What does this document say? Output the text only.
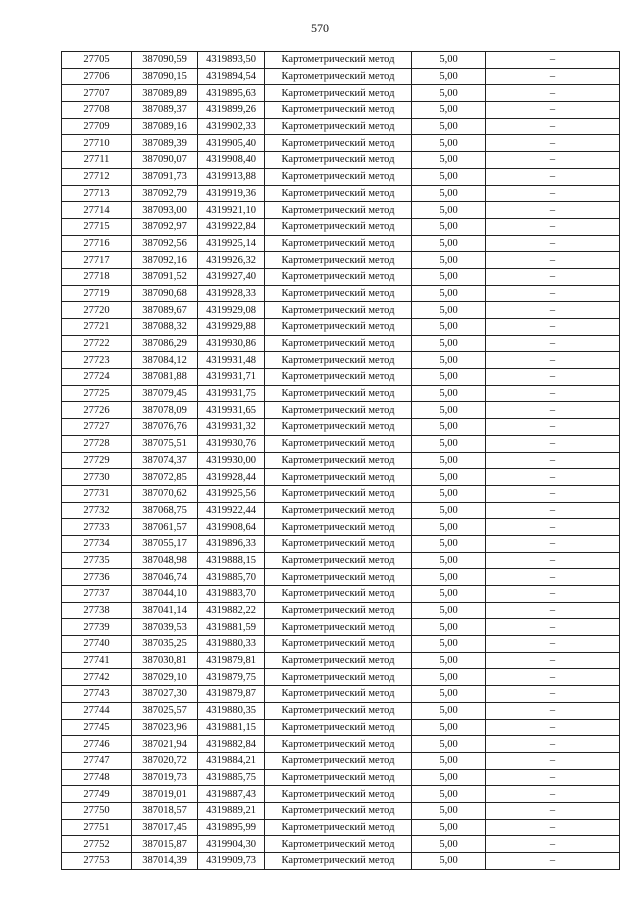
570
27705	387090,59	4319893,50	Картометрический метод	5,00	–
27706	387090,15	4319894,54	Картометрический метод	5,00	–
27707	387089,89	4319895,63	Картометрический метод	5,00	–
27708	387089,37	4319899,26	Картометрический метод	5,00	–
27709	387089,16	4319902,33	Картометрический метод	5,00	–
27710	387089,39	4319905,40	Картометрический метод	5,00	–
27711	387090,07	4319908,40	Картометрический метод	5,00	–
27712	387091,73	4319913,88	Картометрический метод	5,00	–
27713	387092,79	4319919,36	Картометрический метод	5,00	–
27714	387093,00	4319921,10	Картометрический метод	5,00	–
27715	387092,97	4319922,84	Картометрический метод	5,00	–
27716	387092,56	4319925,14	Картометрический метод	5,00	–
27717	387092,16	4319926,32	Картометрический метод	5,00	–
27718	387091,52	4319927,40	Картометрический метод	5,00	–
27719	387090,68	4319928,33	Картометрический метод	5,00	–
27720	387089,67	4319929,08	Картометрический метод	5,00	–
27721	387088,32	4319929,88	Картометрический метод	5,00	–
27722	387086,29	4319930,86	Картометрический метод	5,00	–
27723	387084,12	4319931,48	Картометрический метод	5,00	–
27724	387081,88	4319931,71	Картометрический метод	5,00	–
27725	387079,45	4319931,75	Картометрический метод	5,00	–
27726	387078,09	4319931,65	Картометрический метод	5,00	–
27727	387076,76	4319931,32	Картометрический метод	5,00	–
27728	387075,51	4319930,76	Картометрический метод	5,00	–
27729	387074,37	4319930,00	Картометрический метод	5,00	–
27730	387072,85	4319928,44	Картометрический метод	5,00	–
27731	387070,62	4319925,56	Картометрический метод	5,00	–
27732	387068,75	4319922,44	Картометрический метод	5,00	–
27733	387061,57	4319908,64	Картометрический метод	5,00	–
27734	387055,17	4319896,33	Картометрический метод	5,00	–
27735	387048,98	4319888,15	Картометрический метод	5,00	–
27736	387046,74	4319885,70	Картометрический метод	5,00	–
27737	387044,10	4319883,70	Картометрический метод	5,00	–
27738	387041,14	4319882,22	Картометрический метод	5,00	–
27739	387039,53	4319881,59	Картометрический метод	5,00	–
27740	387035,25	4319880,33	Картометрический метод	5,00	–
27741	387030,81	4319879,81	Картометрический метод	5,00	–
27742	387029,10	4319879,75	Картометрический метод	5,00	–
27743	387027,30	4319879,87	Картометрический метод	5,00	–
27744	387025,57	4319880,35	Картометрический метод	5,00	–
27745	387023,96	4319881,15	Картометрический метод	5,00	–
27746	387021,94	4319882,84	Картометрический метод	5,00	–
27747	387020,72	4319884,21	Картометрический метод	5,00	–
27748	387019,73	4319885,75	Картометрический метод	5,00	–
27749	387019,01	4319887,43	Картометрический метод	5,00	–
27750	387018,57	4319889,21	Картометрический метод	5,00	–
27751	387017,45	4319895,99	Картометрический метод	5,00	–
27752	387015,87	4319904,30	Картометрический метод	5,00	–
27753	387014,39	4319909,73	Картометрический метод	5,00	–
